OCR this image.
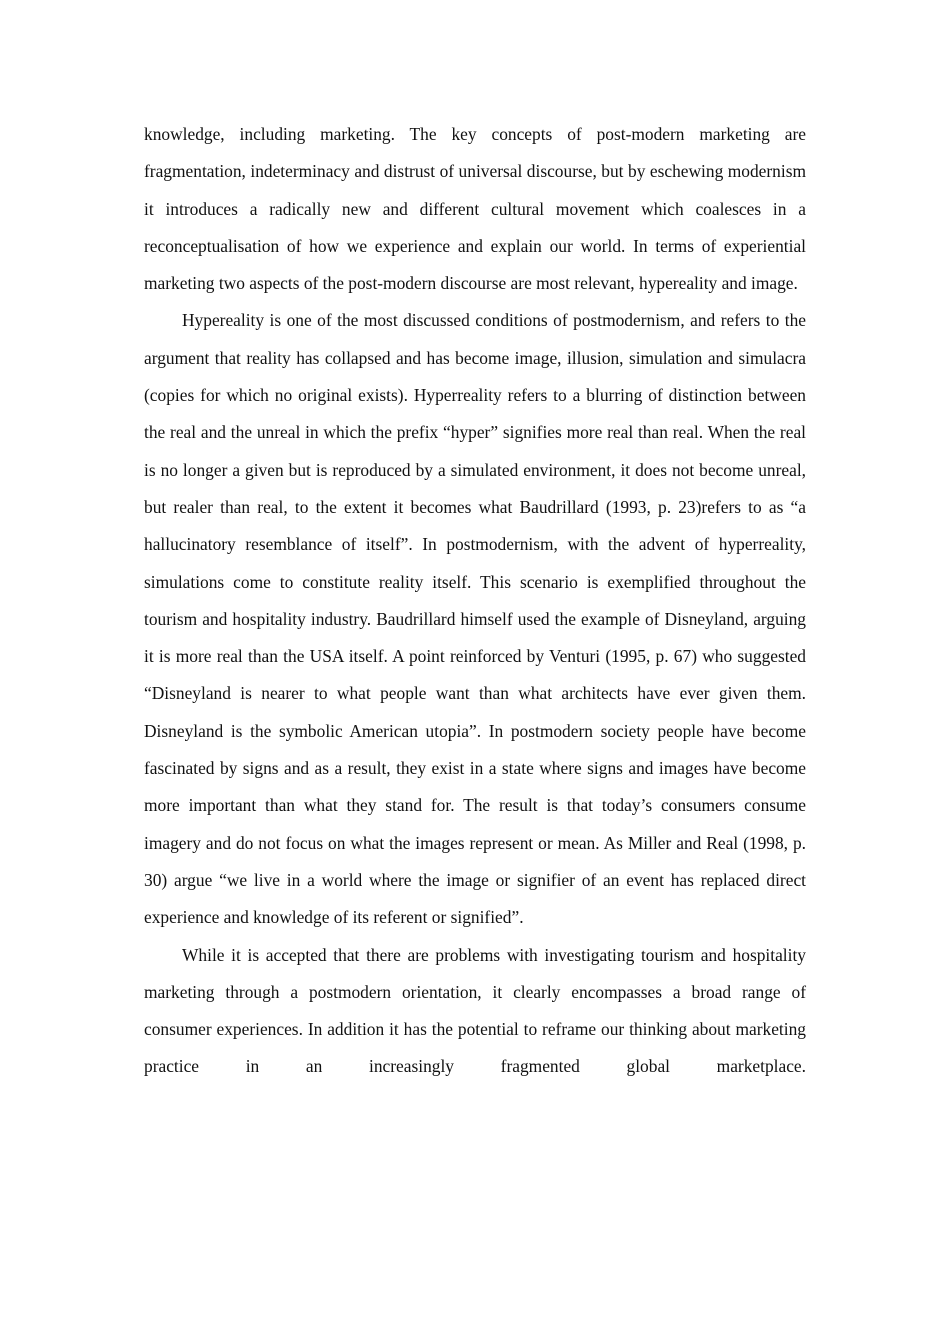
knowledge, including marketing. The key concepts of post-modern marketing are fragmentation, indeterminacy and distrust of universal discourse, but by eschewing modernism it introduces a radically new and different cultural movement which coalesces in a reconceptualisation of how we experience and explain our world. In terms of experiential marketing two aspects of the post-modern discourse are most relevant, hypereality and image.

Hypereality is one of the most discussed conditions of postmodernism, and refers to the argument that reality has collapsed and has become image, illusion, simulation and simulacra (copies for which no original exists). Hyperreality refers to a blurring of distinction between the real and the unreal in which the prefix “hyper” signifies more real than real. When the real is no longer a given but is reproduced by a simulated environment, it does not become unreal, but realer than real, to the extent it becomes what Baudrillard (1993, p. 23)refers to as “a hallucinatory resemblance of itself”. In postmodernism, with the advent of hyperreality, simulations come to constitute reality itself. This scenario is exemplified throughout the tourism and hospitality industry. Baudrillard himself used the example of Disneyland, arguing it is more real than the USA itself. A point reinforced by Venturi (1995, p. 67) who suggested “Disneyland is nearer to what people want than what architects have ever given them. Disneyland is the symbolic American utopia”. In postmodern society people have become fascinated by signs and as a result, they exist in a state where signs and images have become more important than what they stand for. The result is that today’s consumers consume imagery and do not focus on what the images represent or mean. As Miller and Real (1998, p. 30) argue “we live in a world where the image or signifier of an event has replaced direct experience and knowledge of its referent or signified”.

While it is accepted that there are problems with investigating tourism and hospitality marketing through a postmodern orientation, it clearly encompasses a broad range of consumer experiences. In addition it has the potential to reframe our thinking about marketing practice in an increasingly fragmented global marketplace.
